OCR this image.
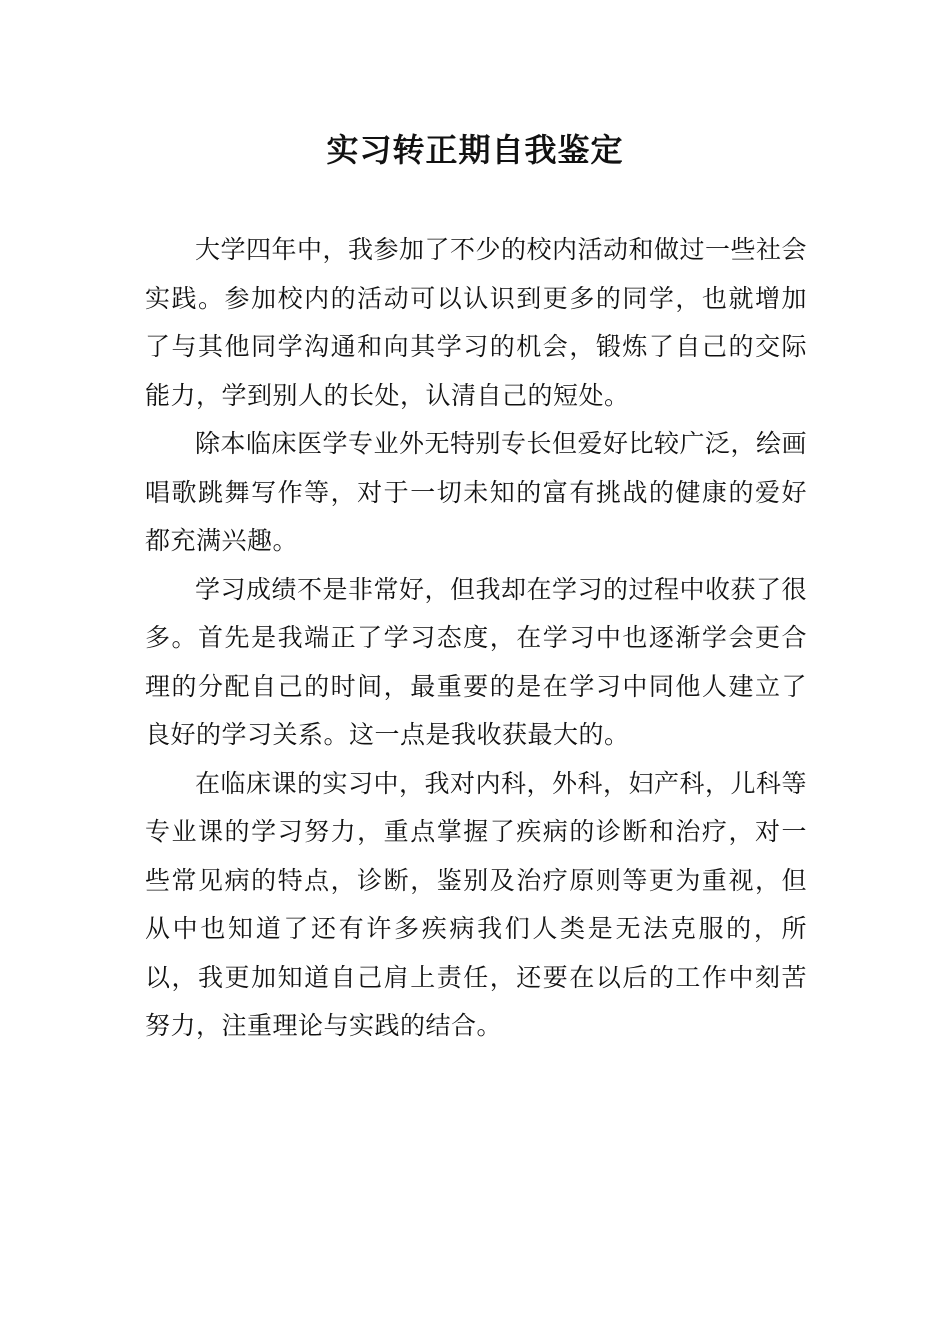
实习转正期自我鉴定

大学四年中，我参加了不少的校内活动和做过一些社会实践。参加校内的活动可以认识到更多的同学，也就增加了与其他同学沟通和向其学习的机会，锻炼了自己的交际能力，学到别人的长处，认清自己的短处。

除本临床医学专业外无特别专长但爱好比较广泛，绘画唱歌跳舞写作等，对于一切未知的富有挑战的健康的爱好都充满兴趣。

学习成绩不是非常好，但我却在学习的过程中收获了很多。首先是我端正了学习态度，在学习中也逐渐学会更合理的分配自己的时间，最重要的是在学习中同他人建立了良好的学习关系。这一点是我收获最大的。

在临床课的实习中，我对内科，外科，妇产科，儿科等专业课的学习努力，重点掌握了疾病的诊断和治疗，对一些常见病的特点，诊断，鉴别及治疗原则等更为重视，但从中也知道了还有许多疾病我们人类是无法克服的，所以，我更加知道自己肩上责任，还要在以后的工作中刻苦努力，注重理论与实践的结合。
